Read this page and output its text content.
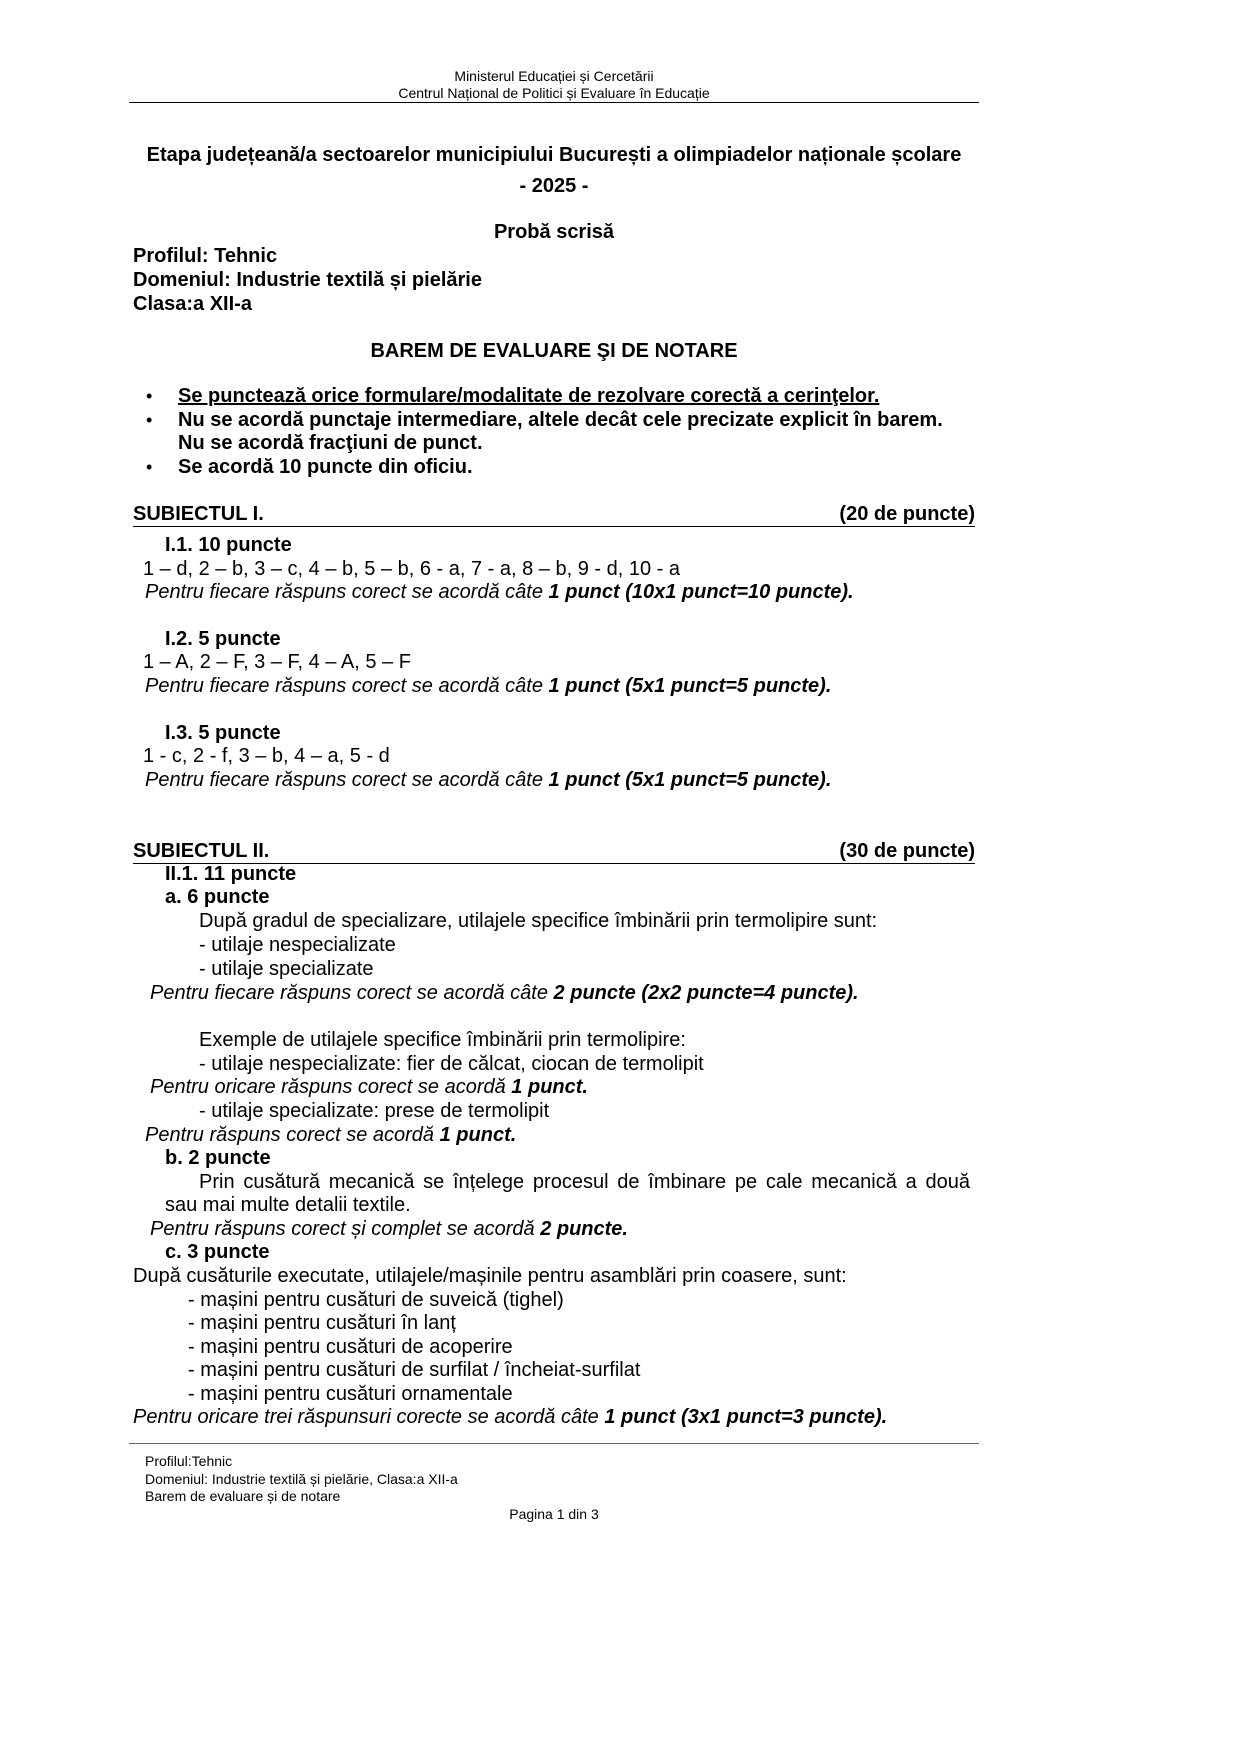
Ministerul Educației și Cercetării
Centrul Național de Politici și Evaluare în Educație
Etapa județeană/a sectoarelor municipiului București a olimpiadelor naționale școlare
- 2025 -
Probă scrisă
Profilul: Tehnic
Domeniul: Industrie textilă și pielărie
Clasa:a XII-a
BAREM DE EVALUARE ŞI DE NOTARE
• Se punctează orice formulare/modalitate de rezolvare corectă a cerinţelor.
• Nu se acordă punctaje intermediare, altele decât cele precizate explicit în barem.
Nu se acordă fracţiuni de punct.
• Se acordă 10 puncte din oficiu.
SUBIECTUL I.	(20 de puncte)
SUBIECTUL II.	(30 de puncte)
I.1. 10 puncte
1 – d, 2 – b, 3 – c, 4 – b, 5 – b, 6 - a, 7 - a, 8 – b, 9 - d, 10 - a
Pentru fiecare răspuns corect se acordă câte 1 punct (10x1 punct=10 puncte).
I.2. 5 puncte
1 – A, 2 – F, 3 – F, 4 – A, 5 – F
Pentru fiecare răspuns corect se acordă câte 1 punct (5x1 punct=5 puncte).
I.3. 5 puncte
1 - c, 2 - f, 3 – b, 4 – a, 5 - d
Pentru fiecare răspuns corect se acordă câte 1 punct (5x1 punct=5 puncte).
II.1. 11 puncte
a. 6 puncte
După gradul de specializare, utilajele specifice îmbinării prin termolipire sunt:
- utilaje nespecializate
- utilaje specializate
Pentru fiecare răspuns corect se acordă câte 2 puncte (2x2 puncte=4 puncte).
Exemple de utilajele specifice îmbinării prin termolipire:
- utilaje nespecializate: fier de călcat, ciocan de termolipit
Pentru oricare răspuns corect se acordă 1 punct.
- utilaje specializate: prese de termolipit
Pentru răspuns corect se acordă 1 punct.
b. 2 puncte
Prin cusătură mecanică se înțelege procesul de îmbinare pe cale mecanică a două
sau mai multe detalii textile.
Pentru răspuns corect și complet se acordă 2 puncte.
c. 3 puncte
După cusăturile executate, utilajele/mașinile pentru asamblări prin coasere, sunt:
- mașini pentru cusături de suveică (tighel)
- mașini pentru cusături în lanț
- mașini pentru cusături de acoperire
- mașini pentru cusături de surfilat / încheiat-surfilat
- mașini pentru cusături ornamentale
Pentru oricare trei răspunsuri corecte se acordă câte 1 punct (3x1 punct=3 puncte).
Profilul:Tehnic
Domeniul: Industrie textilă și pielărie, Clasa:a XII-a
Barem de evaluare și de notare
Pagina 1 din 3
